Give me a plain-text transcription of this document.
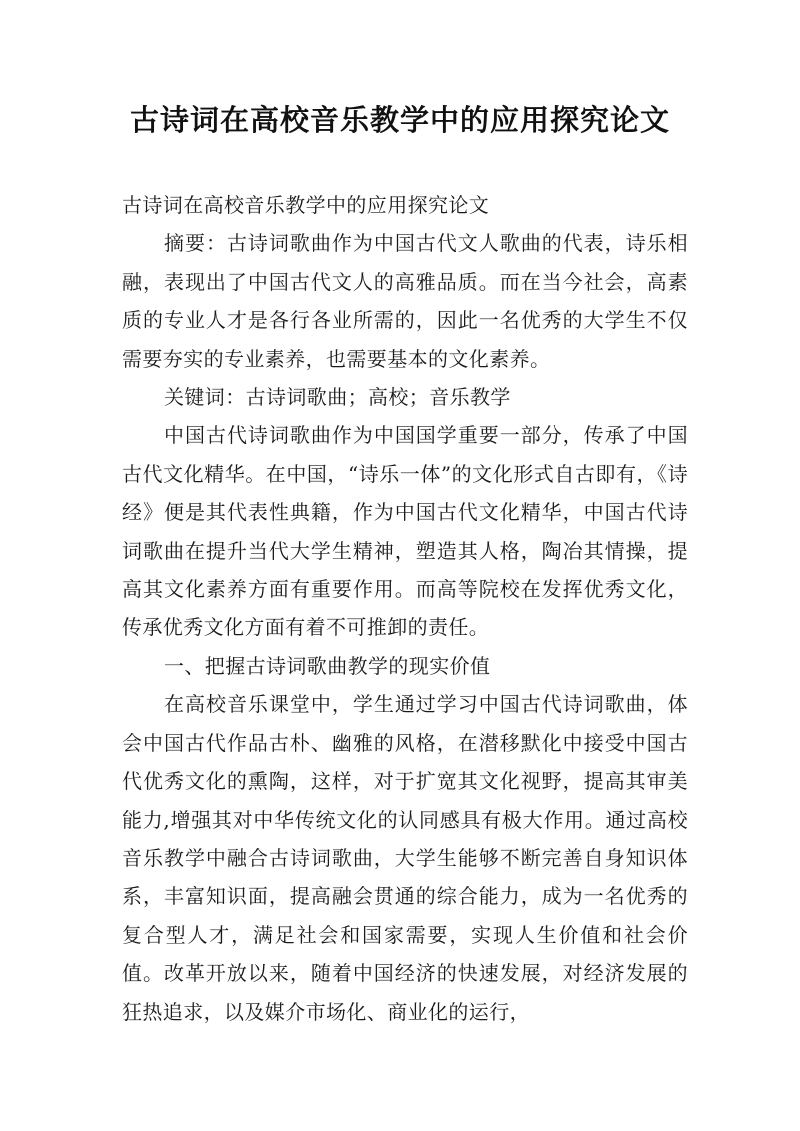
古诗词在高校音乐教学中的应用探究论文

古诗词在高校音乐教学中的应用探究论文

摘要：古诗词歌曲作为中国古代文人歌曲的代表，诗乐相融，表现出了中国古代文人的高雅品质。而在当今社会，高素质的专业人才是各行各业所需的，因此一名优秀的大学生不仅需要夯实的专业素养，也需要基本的文化素养。

关键词：古诗词歌曲；高校；音乐教学

中国古代诗词歌曲作为中国国学重要一部分，传承了中国古代文化精华。在中国，“诗乐一体”的文化形式自古即有，《诗经》便是其代表性典籍，作为中国古代文化精华，中国古代诗词歌曲在提升当代大学生精神，塑造其人格，陶冶其情操，提高其文化素养方面有重要作用。而高等院校在发挥优秀文化，传承优秀文化方面有着不可推卸的责任。

一、把握古诗词歌曲教学的现实价值

在高校音乐课堂中，学生通过学习中国古代诗词歌曲，体会中国古代作品古朴、幽雅的风格，在潜移默化中接受中国古代优秀文化的熏陶，这样，对于扩宽其文化视野，提高其审美能力,增强其对中华传统文化的认同感具有极大作用。通过高校音乐教学中融合古诗词歌曲，大学生能够不断完善自身知识体系，丰富知识面，提高融会贯通的综合能力，成为一名优秀的复合型人才，满足社会和国家需要，实现人生价值和社会价值。改革开放以来，随着中国经济的快速发展，对经济发展的狂热追求，以及媒介市场化、商业化的运行，
